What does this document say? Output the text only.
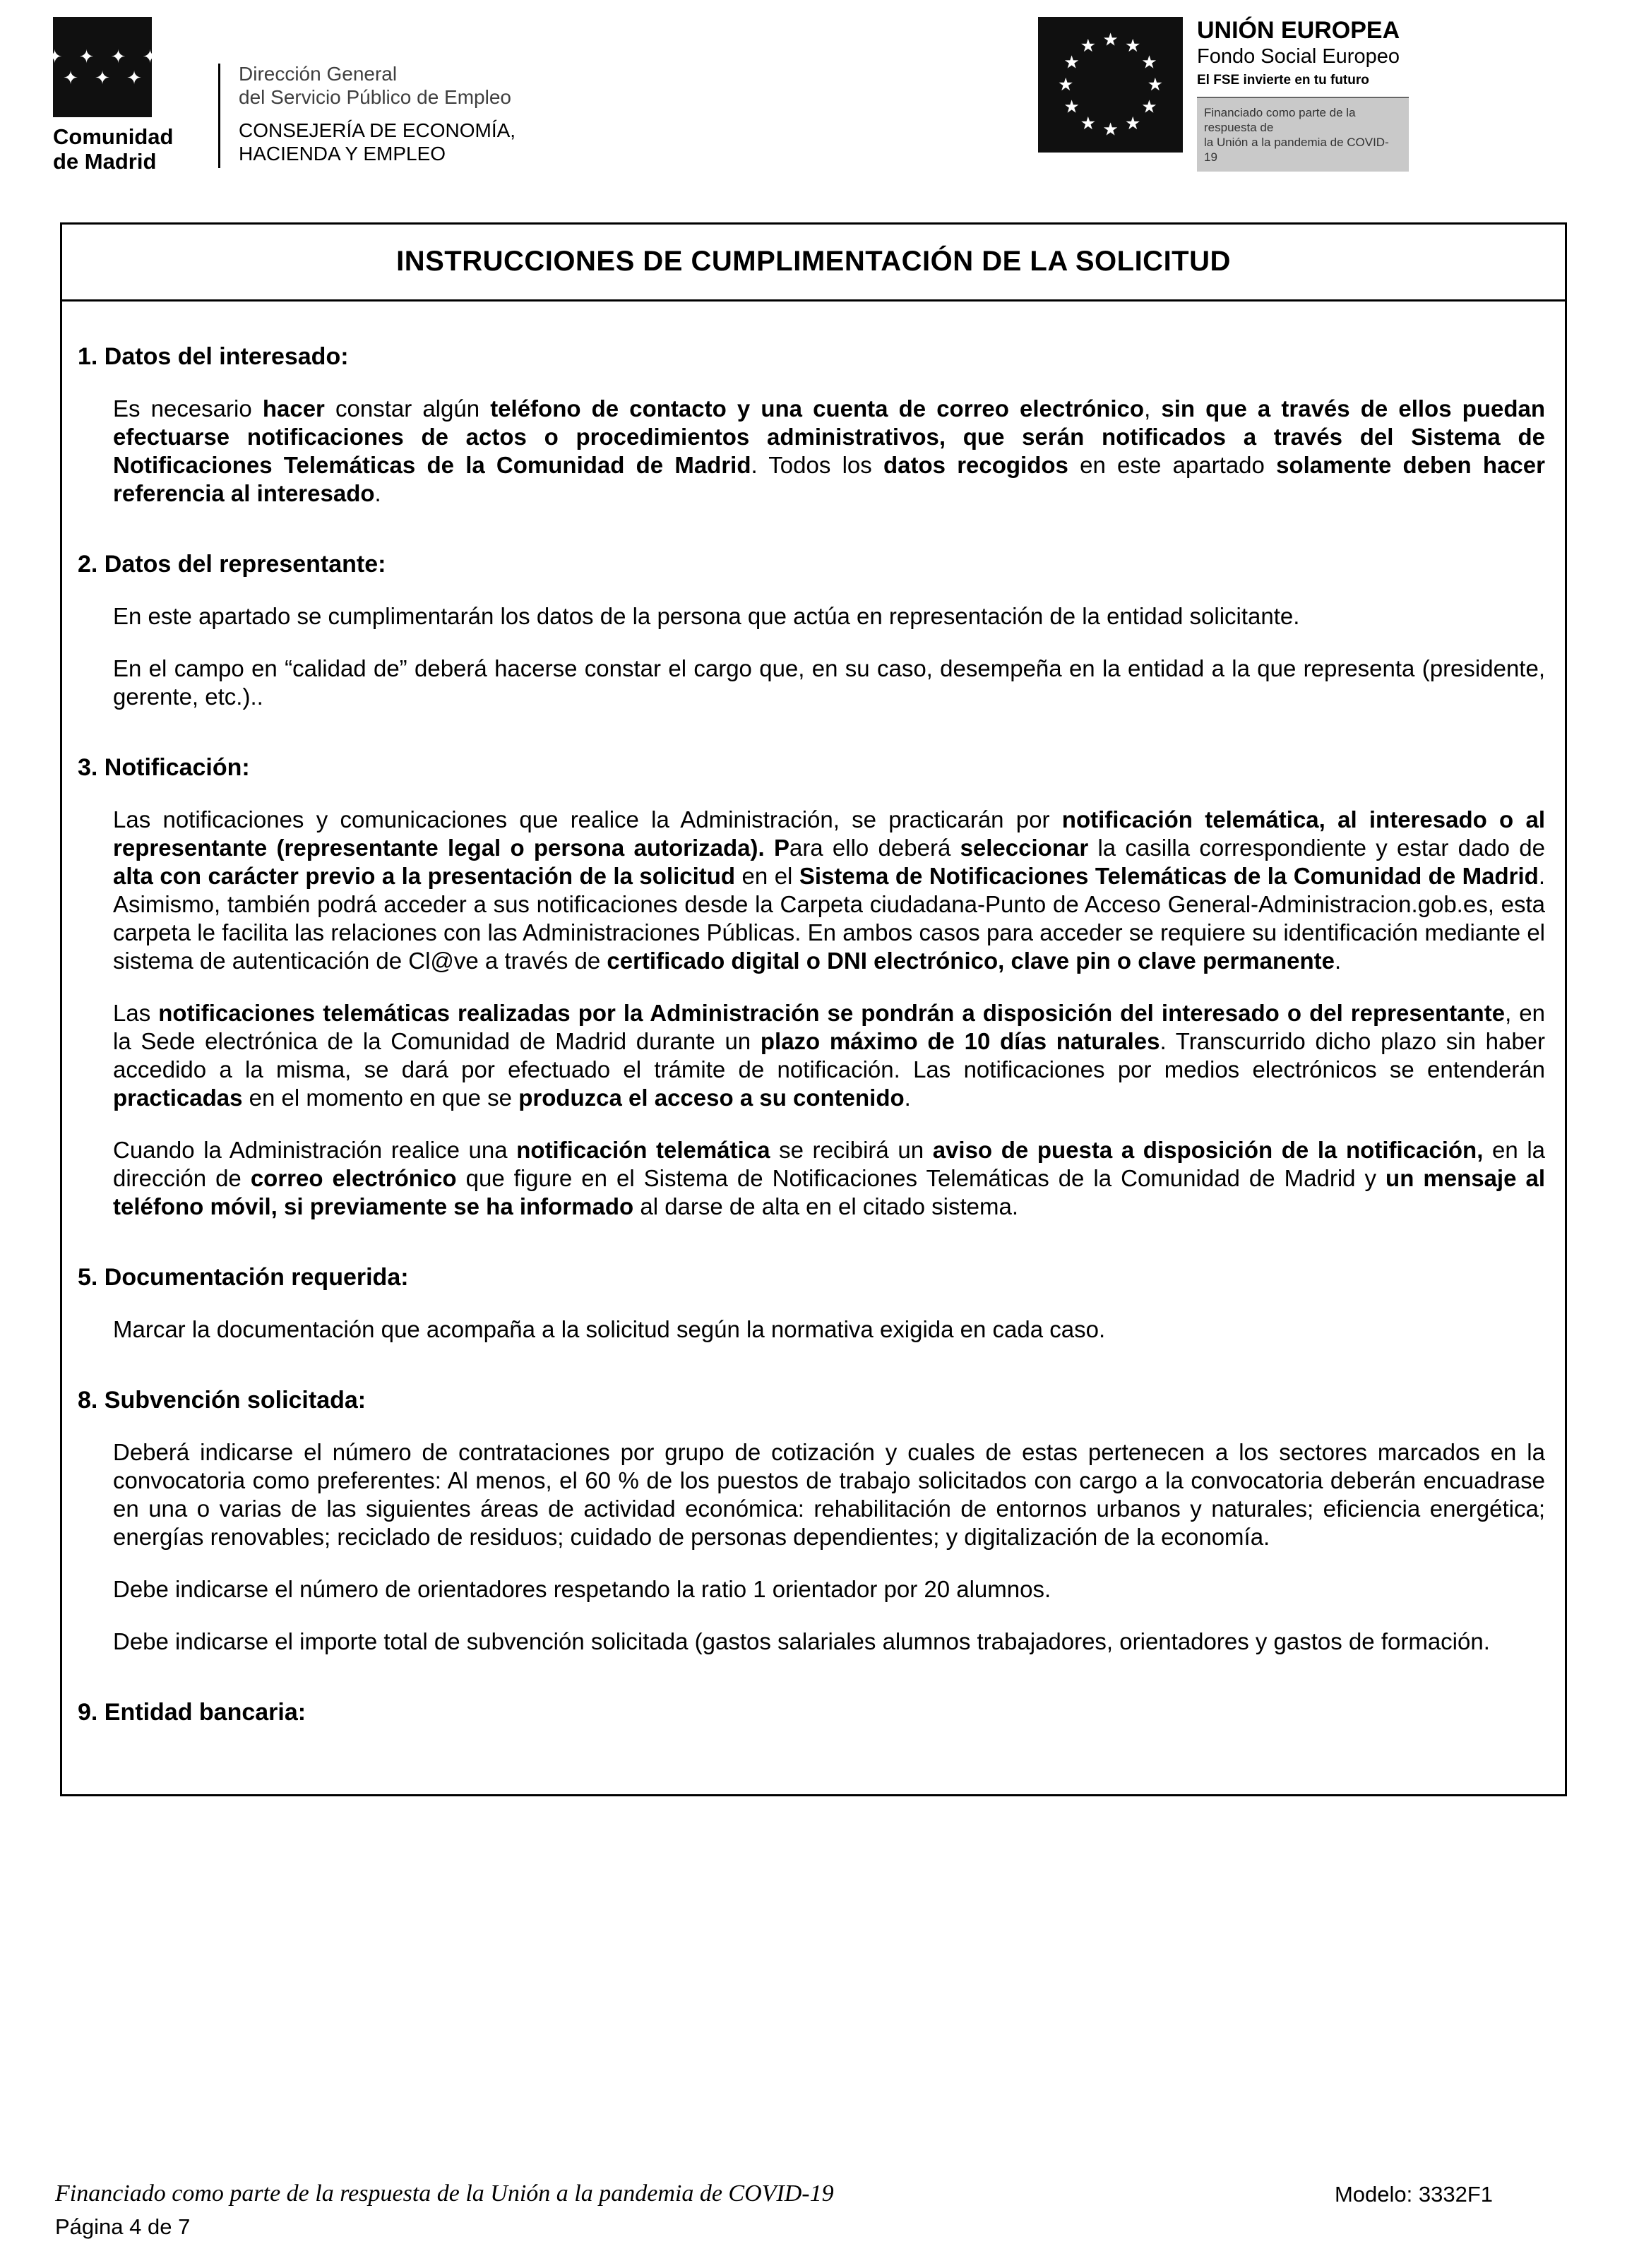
✦ ✦ ✦ ✦
✦ ✦ ✦
Comunidad
de Madrid
Dirección General
del Servicio Público de Empleo
CONSEJERÍA DE ECONOMÍA,
HACIENDA Y EMPLEO
★ ★
★
★
★
★
★
★
★
★
★
★
UNIÓN EUROPEA
Fondo Social Europeo
El FSE invierte en tu futuro
Financiado como parte de la respuesta de
la Unión a la pandemia de COVID-19
INSTRUCCIONES DE CUMPLIMENTACIÓN DE LA SOLICITUD
1. Datos del interesado:

Es necesario hacer constar algún teléfono de contacto y una cuenta de correo electrónico, sin que a través de ellos puedan efectuarse notificaciones de actos o procedimientos administrativos, que serán notificados a través del Sistema de Notificaciones Telemáticas de la Comunidad de Madrid. Todos los datos recogidos en este apartado solamente deben hacer referencia al interesado.

2. Datos del representante:

En este apartado se cumplimentarán los datos de la persona que actúa en representación de la entidad solicitante.

En el campo en “calidad de” deberá hacerse constar el cargo que, en su caso, desempeña en la entidad a la que representa (presidente, gerente, etc.)..

3. Notificación:

Las notificaciones y comunicaciones que realice la Administración, se practicarán por notificación telemática, al interesado o al representante (representante legal o persona autorizada). Para ello deberá seleccionar la casilla correspondiente y estar dado de alta con carácter previo a la presentación de la solicitud en el Sistema de Notificaciones Telemáticas de la Comunidad de Madrid. Asimismo, también podrá acceder a sus notificaciones desde la Carpeta ciudadana-Punto de Acceso General-Administracion.gob.es, esta carpeta le facilita las relaciones con las Administraciones Públicas. En ambos casos para acceder se requiere su identificación mediante el sistema de autenticación de Cl@ve a través de certificado digital o DNI electrónico, clave pin o clave permanente.

Las notificaciones telemáticas realizadas por la Administración se pondrán a disposición del interesado o del representante, en la Sede electrónica de la Comunidad de Madrid durante un plazo máximo de 10 días naturales. Transcurrido dicho plazo sin haber accedido a la misma, se dará por efectuado el trámite de notificación. Las notificaciones por medios electrónicos se entenderán practicadas en el momento en que se produzca el acceso a su contenido.

Cuando la Administración realice una notificación telemática se recibirá un aviso de puesta a disposición de la notificación, en la dirección de correo electrónico que figure en el Sistema de Notificaciones Telemáticas de la Comunidad de Madrid y un mensaje al teléfono móvil, si previamente se ha informado al darse de alta en el citado sistema.

5. Documentación requerida:

Marcar la documentación que acompaña a la solicitud según la normativa exigida en cada caso.

8. Subvención solicitada:

Deberá indicarse el número de contrataciones por grupo de cotización y cuales de estas pertenecen a los sectores marcados en la convocatoria como preferentes: Al menos, el 60 % de los puestos de trabajo solicitados con cargo a la convocatoria deberán encuadrase en una o varias de las siguientes áreas de actividad económica: rehabilitación de entornos urbanos y naturales; eficiencia energética; energías renovables; reciclado de residuos; cuidado de personas dependientes; y digitalización de la economía.

Debe indicarse el número de orientadores respetando la ratio 1 orientador por 20 alumnos.

Debe indicarse el importe total de subvención solicitada (gastos salariales alumnos trabajadores, orientadores y gastos de formación.

9. Entidad bancaria:
Financiado como parte de la respuesta de la Unión a la pandemia de COVID-19
Página 4 de 7
Modelo: 3332F1
